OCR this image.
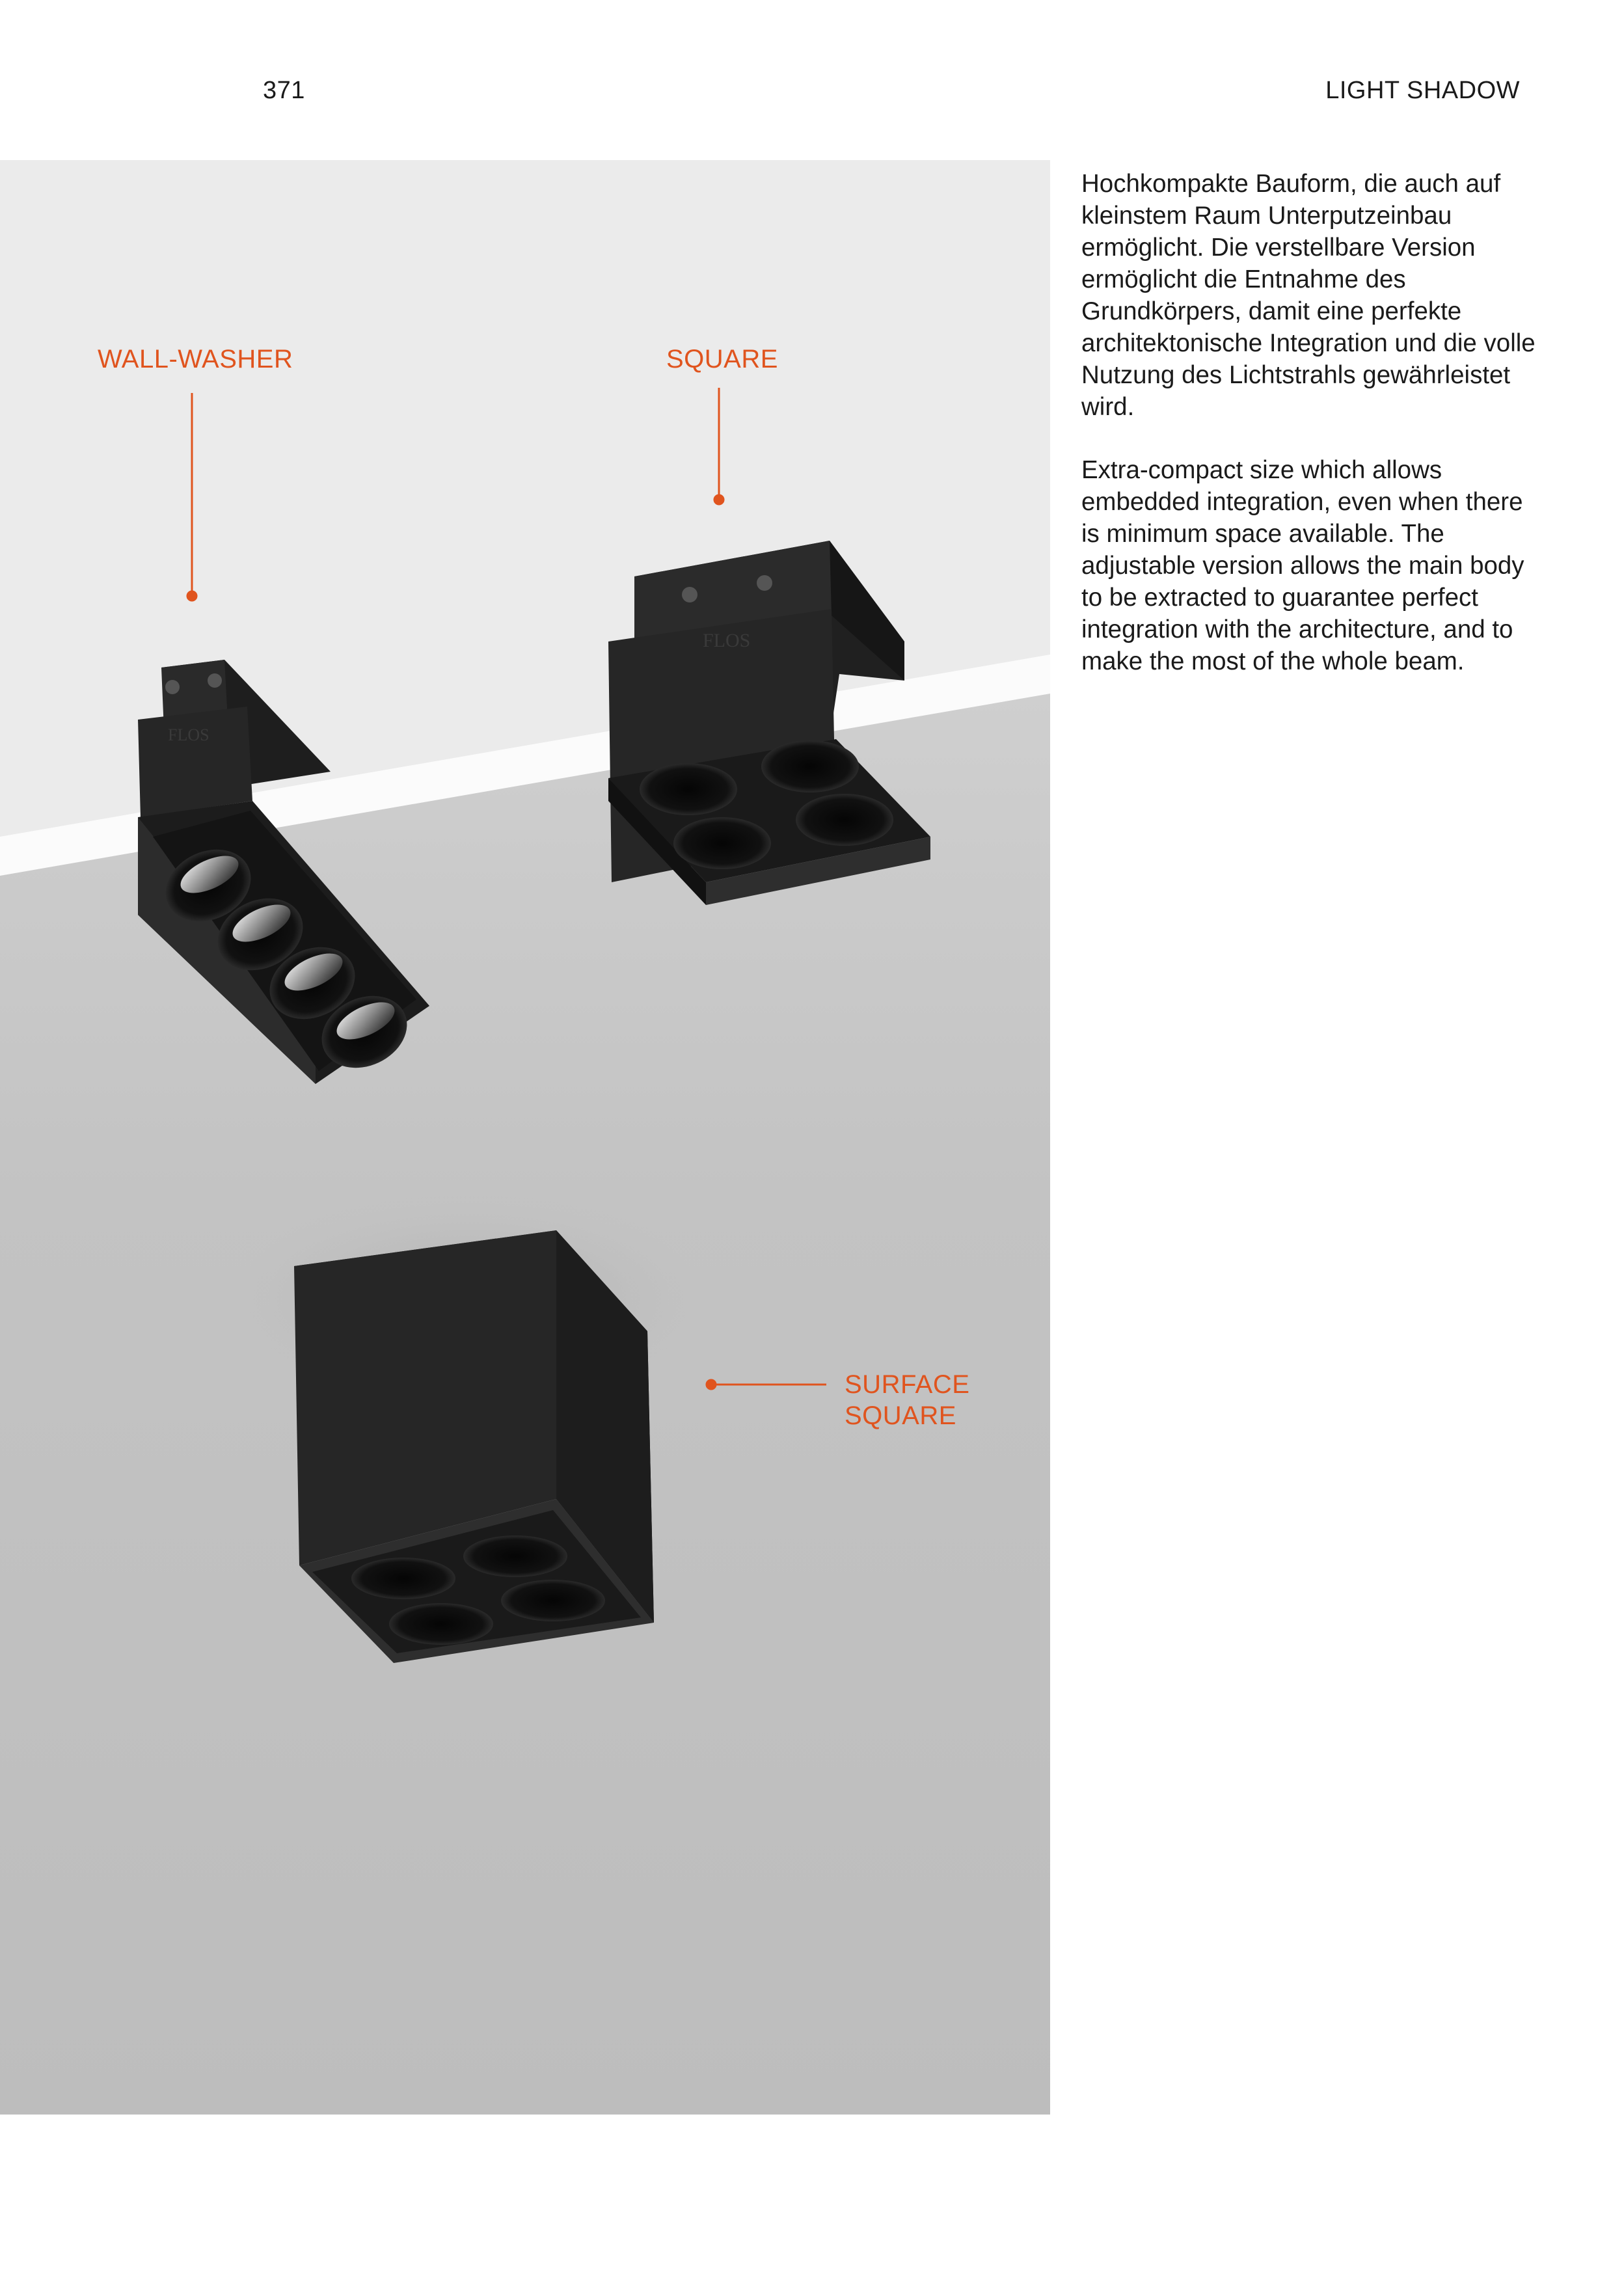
371	LIGHT SHADOW
FLOS
FLOS
WALL-WASHER	SQUARE
SURFACE
SQUARE

Hochkompakte Bauform, die auch auf kleinstem Raum Unterputzeinbau ermöglicht. Die verstellbare Version ermöglicht die Entnahme des Grundkörpers, damit eine perfekte architektonische Integration und die volle Nutzung des Lichtstrahls gewährleistet wird.

Extra-compact size which allows embedded integration, even when there is minimum space available. The adjustable version allows the main body to be extracted to guarantee perfect integration with the architecture, and to make the most of the whole beam.
